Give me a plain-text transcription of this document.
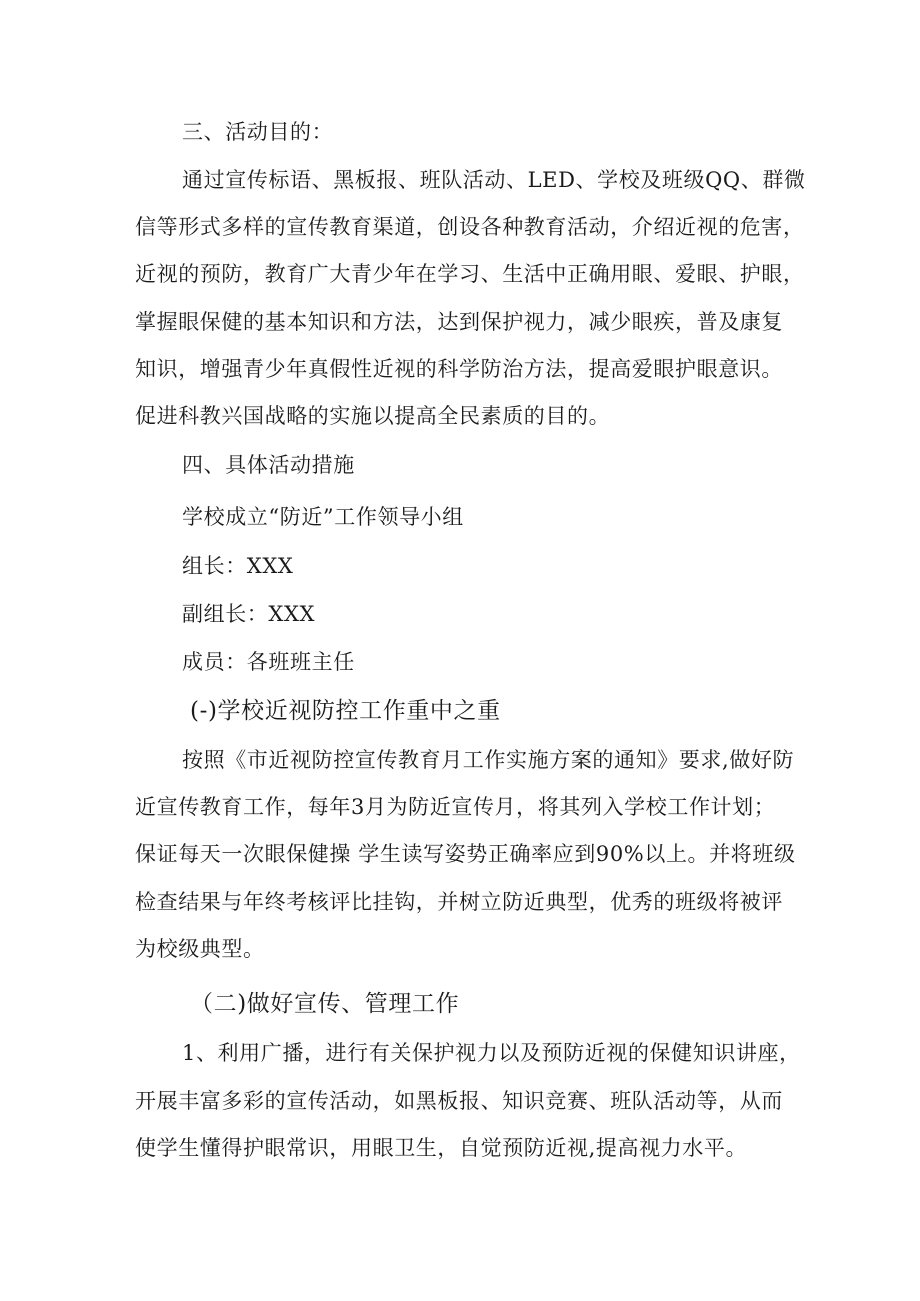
三、活动目的：
通过宣传标语、黑板报、班队活动、LED、学校及班级QQ、群微
信等形式多样的宣传教育渠道，创设各种教育活动，介绍近视的危害，
近视的预防，教育广大青少年在学习、生活中正确用眼、爱眼、护眼，
掌握眼保健的基本知识和方法，达到保护视力，减少眼疾，普及康复
知识，增强青少年真假性近视的科学防治方法，提高爱眼护眼意识。
促进科教兴国战略的实施以提高全民素质的目的。
四、具体活动措施
学校成立“防近”工作领导小组
组长：XXX
副组长：XXX
成员：各班班主任
(-)学校近视防控工作重中之重
按照《市近视防控宣传教育月工作实施方案的通知》要求,做好防
近宣传教育工作，每年3月为防近宣传月，将其列入学校工作计划；
保证每天一次眼保健操 学生读写姿势正确率应到90%以上。并将班级
检查结果与年终考核评比挂钩，并树立防近典型，优秀的班级将被评
为校级典型。
（二)做好宣传、管理工作
1、利用广播，进行有关保护视力以及预防近视的保健知识讲座，
开展丰富多彩的宣传活动，如黑板报、知识竞赛、班队活动等，从而
使学生懂得护眼常识，用眼卫生，自觉预防近视,提高视力水平。
